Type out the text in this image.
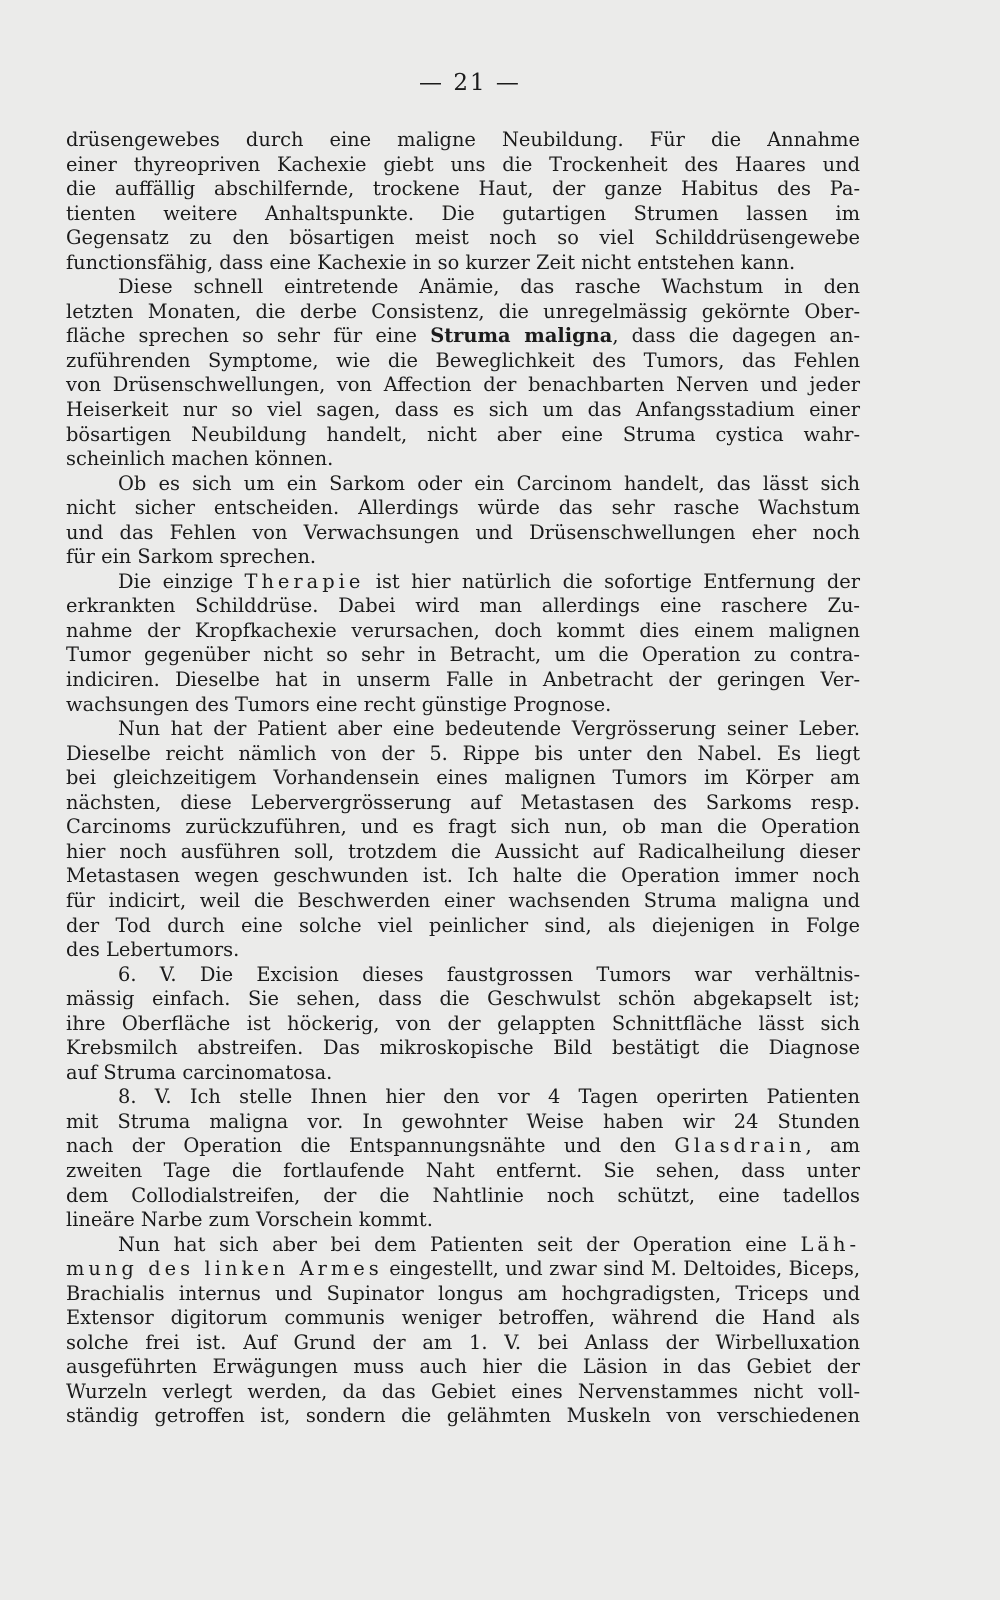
— 21 —
drüsengewebes durch eine maligne Neubildung. Für die Annahme
einer thyreopriven Kachexie giebt uns die Trockenheit des Haares und
die auffällig abschilfernde, trockene Haut, der ganze Habitus des Pa-
tienten weitere Anhaltspunkte. Die gutartigen Strumen lassen im
Gegensatz zu den bösartigen meist noch so viel Schilddrüsengewebe
functionsfähig, dass eine Kachexie in so kurzer Zeit nicht entstehen kann.
Diese schnell eintretende Anämie, das rasche Wachstum in den
letzten Monaten, die derbe Consistenz, die unregelmässig gekörnte Ober-
fläche sprechen so sehr für eine Struma maligna, dass die dagegen an-
zuführenden Symptome, wie die Beweglichkeit des Tumors, das Fehlen
von Drüsenschwellungen, von Affection der benachbarten Nerven und jeder
Heiserkeit nur so viel sagen, dass es sich um das Anfangsstadium einer
bösartigen Neubildung handelt, nicht aber eine Struma cystica wahr-
scheinlich machen können.
Ob es sich um ein Sarkom oder ein Carcinom handelt, das lässt sich
nicht sicher entscheiden. Allerdings würde das sehr rasche Wachstum
und das Fehlen von Verwachsungen und Drüsenschwellungen eher noch
für ein Sarkom sprechen.
Die einzige Therapie ist hier natürlich die sofortige Entfernung der
erkrankten Schilddrüse. Dabei wird man allerdings eine raschere Zu-
nahme der Kropfkachexie verursachen, doch kommt dies einem malignen
Tumor gegenüber nicht so sehr in Betracht, um die Operation zu contra-
indiciren. Dieselbe hat in unserm Falle in Anbetracht der geringen Ver-
wachsungen des Tumors eine recht günstige Prognose.
Nun hat der Patient aber eine bedeutende Vergrösserung seiner Leber.
Dieselbe reicht nämlich von der 5. Rippe bis unter den Nabel. Es liegt
bei gleichzeitigem Vorhandensein eines malignen Tumors im Körper am
nächsten, diese Lebervergrösserung auf Metastasen des Sarkoms resp.
Carcinoms zurückzuführen, und es fragt sich nun, ob man die Operation
hier noch ausführen soll, trotzdem die Aussicht auf Radicalheilung dieser
Metastasen wegen geschwunden ist. Ich halte die Operation immer noch
für indicirt, weil die Beschwerden einer wachsenden Struma maligna und
der Tod durch eine solche viel peinlicher sind, als diejenigen in Folge
des Lebertumors.
6. V. Die Excision dieses faustgrossen Tumors war verhältnis-
mässig einfach. Sie sehen, dass die Geschwulst schön abgekapselt ist;
ihre Oberfläche ist höckerig, von der gelappten Schnittfläche lässt sich
Krebsmilch abstreifen. Das mikroskopische Bild bestätigt die Diagnose
auf Struma carcinomatosa.
8. V. Ich stelle Ihnen hier den vor 4 Tagen operirten Patienten
mit Struma maligna vor. In gewohnter Weise haben wir 24 Stunden
nach der Operation die Entspannungsnähte und den Glasdrain, am
zweiten Tage die fortlaufende Naht entfernt. Sie sehen, dass unter
dem Collodialstreifen, der die Nahtlinie noch schützt, eine tadellos
lineäre Narbe zum Vorschein kommt.
Nun hat sich aber bei dem Patienten seit der Operation eine Läh-
mung des linken Armes eingestellt, und zwar sind M. Deltoides, Biceps,
Brachialis internus und Supinator longus am hochgradigsten, Triceps und
Extensor digitorum communis weniger betroffen, während die Hand als
solche frei ist. Auf Grund der am 1. V. bei Anlass der Wirbelluxation
ausgeführten Erwägungen muss auch hier die Läsion in das Gebiet der
Wurzeln verlegt werden, da das Gebiet eines Nervenstammes nicht voll-
ständig getroffen ist, sondern die gelähmten Muskeln von verschiedenen
